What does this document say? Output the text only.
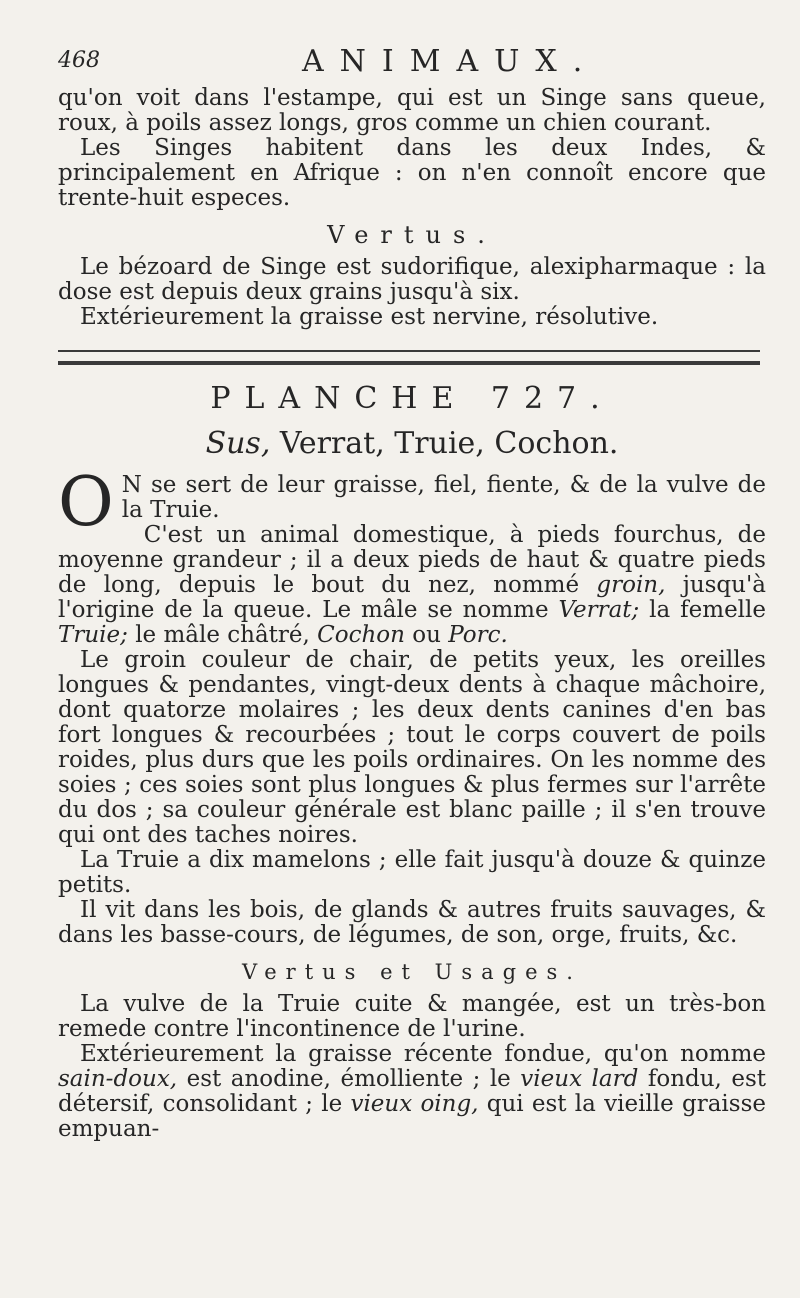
468	ANIMAUX.

qu'on voit dans l'estampe, qui est un Singe sans queue, roux, à poils assez longs, gros comme un chien courant.

Les Singes habitent dans les deux Indes, & principalement en Afrique : on n'en connoît encore que trente-huit especes.

Vertus.

Le bézoard de Singe est sudorifique, alexipharmaque : la dose est depuis deux grains jusqu'à six.

Extérieurement la graisse est nervine, résolutive.

PLANCHE 727.
Sus, Verrat, Truie, Cochon.

O N se sert de leur graisse, fiel, fiente, & de la vulve de la Truie.

C'est un animal domestique, à pieds fourchus, de moyenne grandeur ; il a deux pieds de haut & quatre pieds de long, depuis le bout du nez, nommé groin, jusqu'à l'origine de la queue. Le mâle se nomme Verrat; la femelle Truie; le mâle châtré, Cochon ou Porc.

Le groin couleur de chair, de petits yeux, les oreilles longues & pendantes, vingt-deux dents à chaque mâchoire, dont quatorze molaires ; les deux dents canines d'en bas fort longues & recourbées ; tout le corps couvert de poils roides, plus durs que les poils ordinaires. On les nomme des soies ; ces soies sont plus longues & plus fermes sur l'arrête du dos ; sa couleur générale est blanc paille ; il s'en trouve qui ont des taches noires.

La Truie a dix mamelons ; elle fait jusqu'à douze & quinze petits.

Il vit dans les bois, de glands & autres fruits sauvages, & dans les basse-cours, de légumes, de son, orge, fruits, &c.

Vertus et Usages.

La vulve de la Truie cuite & mangée, est un très-bon remede contre l'incontinence de l'urine.

Extérieurement la graisse récente fondue, qu'on nomme sain-doux, est anodine, émolliente ; le vieux lard fondu, est détersif, consolidant ; le vieux oing, qui est la vieille graisse empuan-
